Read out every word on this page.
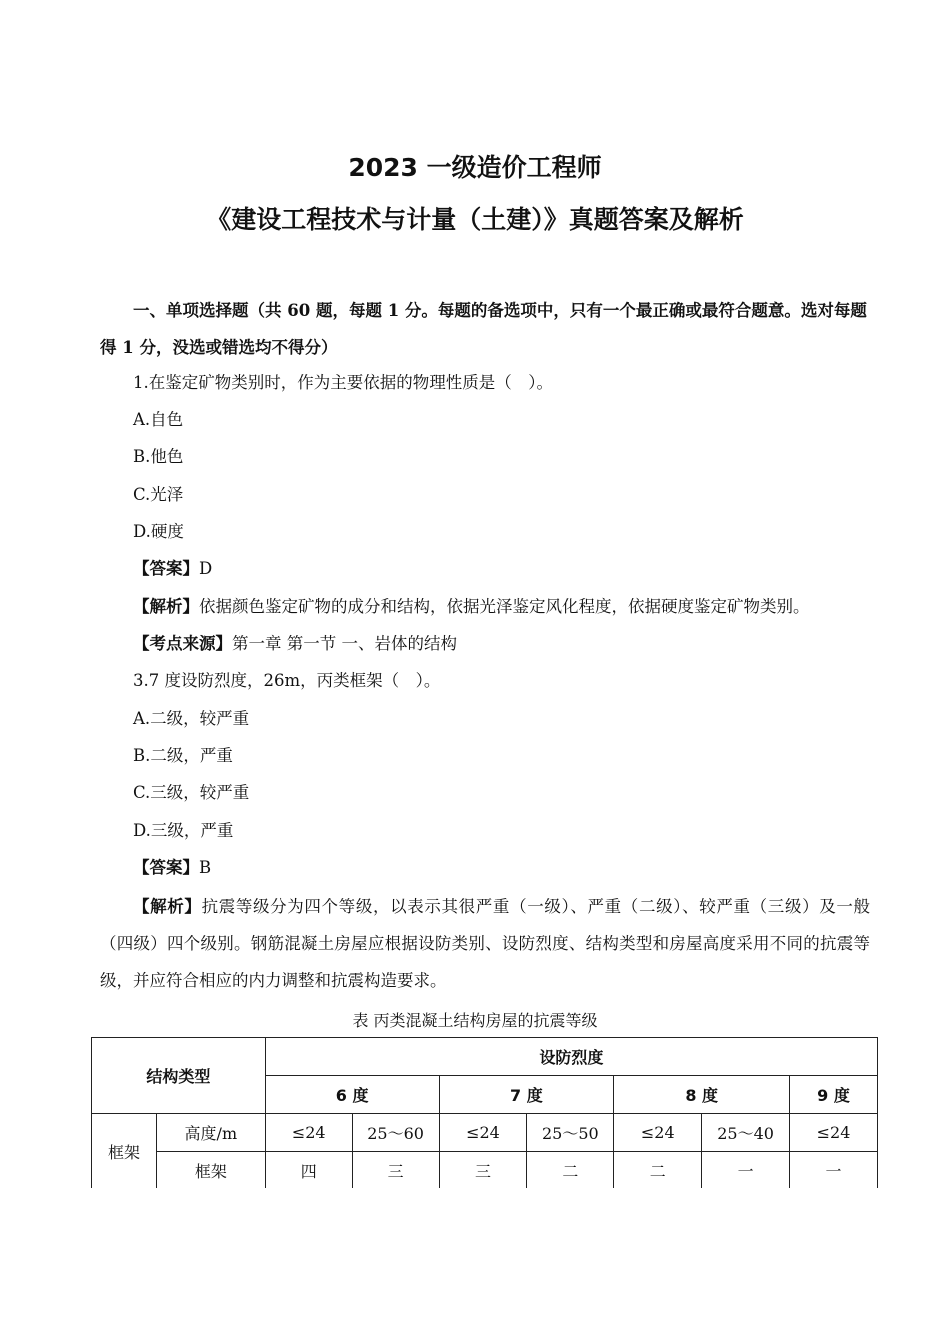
2023 一级造价工程师
《建设工程技术与计量（土建）》真题答案及解析
一、单项选择题（共 60 题，每题 1 分。每题的备选项中，只有一个最正确或最符合题意。选对每题得 1 分，没选或错选均不得分）
1.在鉴定矿物类别时，作为主要依据的物理性质是（　）。
A.自色
B.他色
C.光泽
D.硬度
【答案】D
【解析】依据颜色鉴定矿物的成分和结构，依据光泽鉴定风化程度，依据硬度鉴定矿物类别。
【考点来源】第一章 第一节 一、岩体的结构
3.7 度设防烈度，26m，丙类框架（　）。
A.二级，较严重
B.二级，严重
C.三级，较严重
D.三级，严重
【答案】B
【解析】抗震等级分为四个等级，以表示其很严重（一级）、严重（二级）、较严重（三级）及一般（四级）四个级别。钢筋混凝土房屋应根据设防类别、设防烈度、结构类型和房屋高度采用不同的抗震等级，并应符合相应的内力调整和抗震构造要求。
表 丙类混凝土结构房屋的抗震等级
结构类型		设防烈度						
		6 度		7 度		8 度		9 度
框架	高度/m	≤24	25～60	≤24	25～50	≤24	25～40	≤24
	框架	四	三	三	二	二	一	一
